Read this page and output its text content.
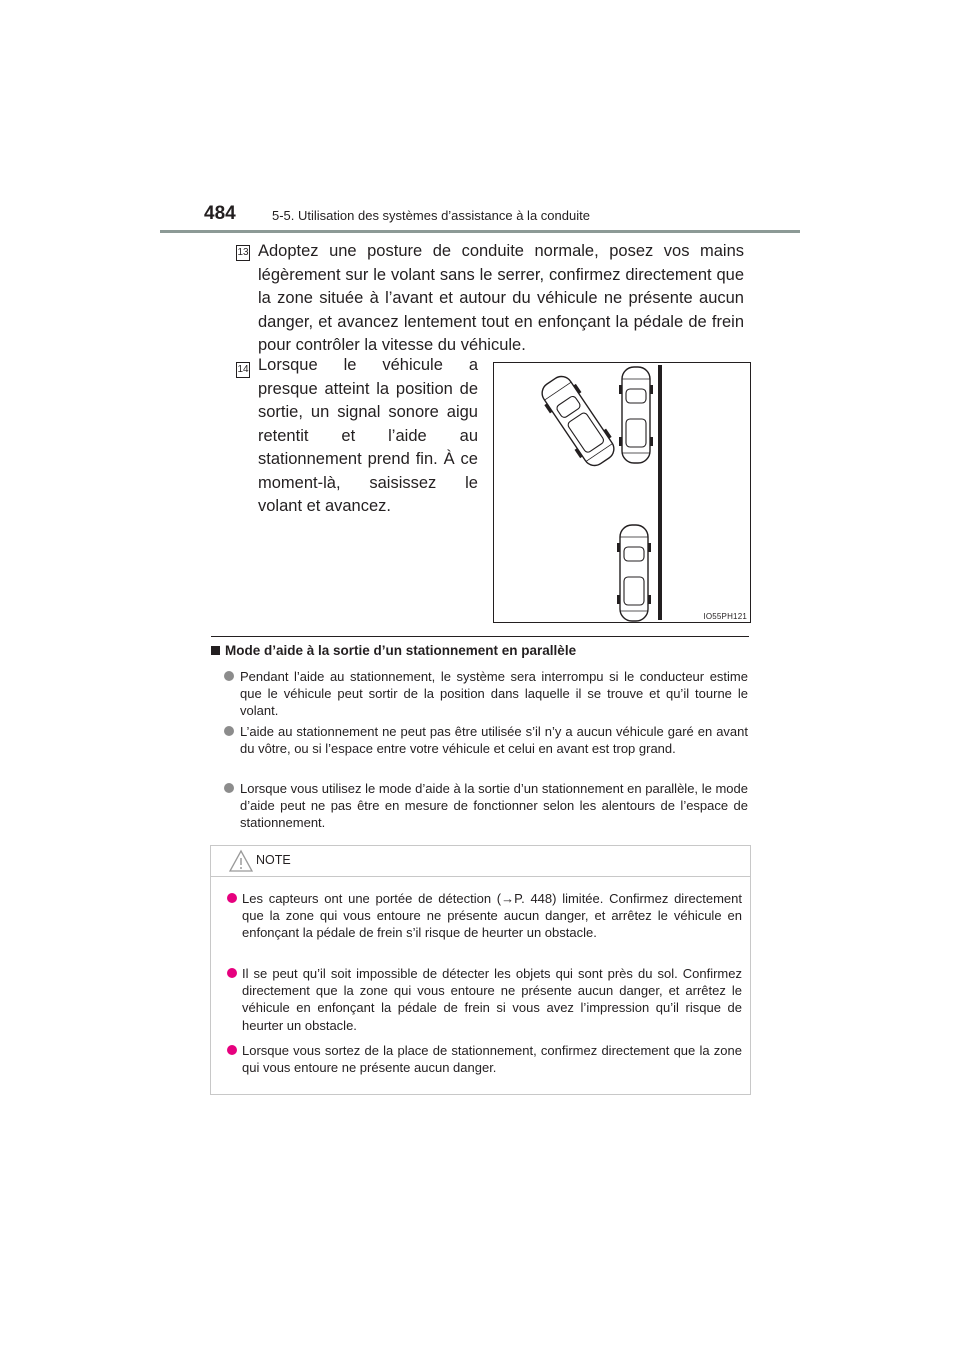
484	5-5. Utilisation des systèmes d’assistance à la conduite
13 Adoptez une posture de conduite normale, posez vos mains légèrement sur le volant sans le serrer, confirmez directement que la zone située à l’avant et autour du véhicule ne présente aucun danger, et avancez lentement tout en enfonçant la pédale de frein pour contrôler la vitesse du véhicule.
14 Lorsque le véhicule a presque atteint la position de sortie, un signal sonore aigu retentit et l’aide au stationnement prend fin. À ce moment-là, saisissez le volant et avancez.
IO55PH121
Mode d’aide à la sortie d’un stationnement en parallèle
Pendant l’aide au stationnement, le système sera interrompu si le conducteur estime que le véhicule peut sortir de la position dans laquelle il se trouve et qu’il tourne le volant.
L’aide au stationnement ne peut pas être utilisée s’il n’y a aucun véhicule garé en avant du vôtre, ou si l’espace entre votre véhicule et celui en avant est trop grand.
Lorsque vous utilisez le mode d’aide à la sortie d’un stationnement en parallèle, le mode d’aide peut ne pas être en mesure de fonctionner selon les alentours de l’espace de stationnement.
NOTE
Les capteurs ont une portée de détection (→P. 448) limitée. Confirmez directement que la zone qui vous entoure ne présente aucun danger, et arrêtez le véhicule en enfonçant la pédale de frein s’il risque de heurter un obstacle.
Il se peut qu’il soit impossible de détecter les objets qui sont près du sol. Confirmez directement que la zone qui vous entoure ne présente aucun danger, et arrêtez le véhicule en enfonçant la pédale de frein si vous avez l’impression qu’il risque de heurter un obstacle.
Lorsque vous sortez de la place de stationnement, confirmez directement que la zone qui vous entoure ne présente aucun danger.
